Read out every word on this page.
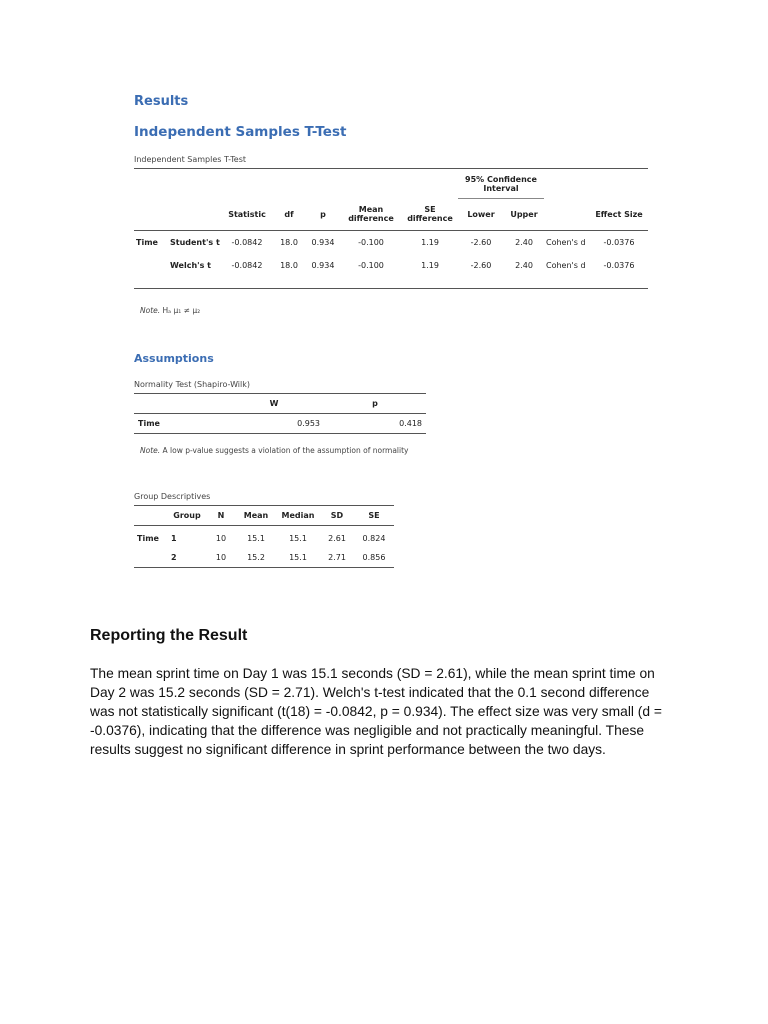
Results
Independent Samples T-Test

Independent Samples T-Test

							95% Confidence Interval			
		Statistic	df	p	Mean difference	SE difference	Lower	Upper		Effect Size
Time	Student's t	-0.0842	18.0	0.934	-0.100	1.19	-2.60	2.40	Cohen's d	-0.0376
	Welch's t	-0.0842	18.0	0.934	-0.100	1.19	-2.60	2.40	Cohen's d	-0.0376
Note. Hₐ μ₁ ≠ μ₂
Assumptions

Normality Test (Shapiro-Wilk)

	W	p
Time	0.953	0.418
Note. A low p-value suggests a violation of the assumption of normality

Group Descriptives

	Group	N	Mean	Median	SD	SE
Time	1	10	15.1	15.1	2.61	0.824
	2	10	15.2	15.1	2.71	0.856
Reporting the Result

The mean sprint time on Day 1 was 15.1 seconds (SD = 2.61), while the mean sprint time on Day 2 was 15.2 seconds (SD = 2.71). Welch's t-test indicated that the 0.1 second difference was not statistically significant (t(18) = -0.0842, p = 0.934). The effect size was very small (d = -0.0376), indicating that the difference was negligible and not practically meaningful. These results suggest no significant difference in sprint performance between the two days.
